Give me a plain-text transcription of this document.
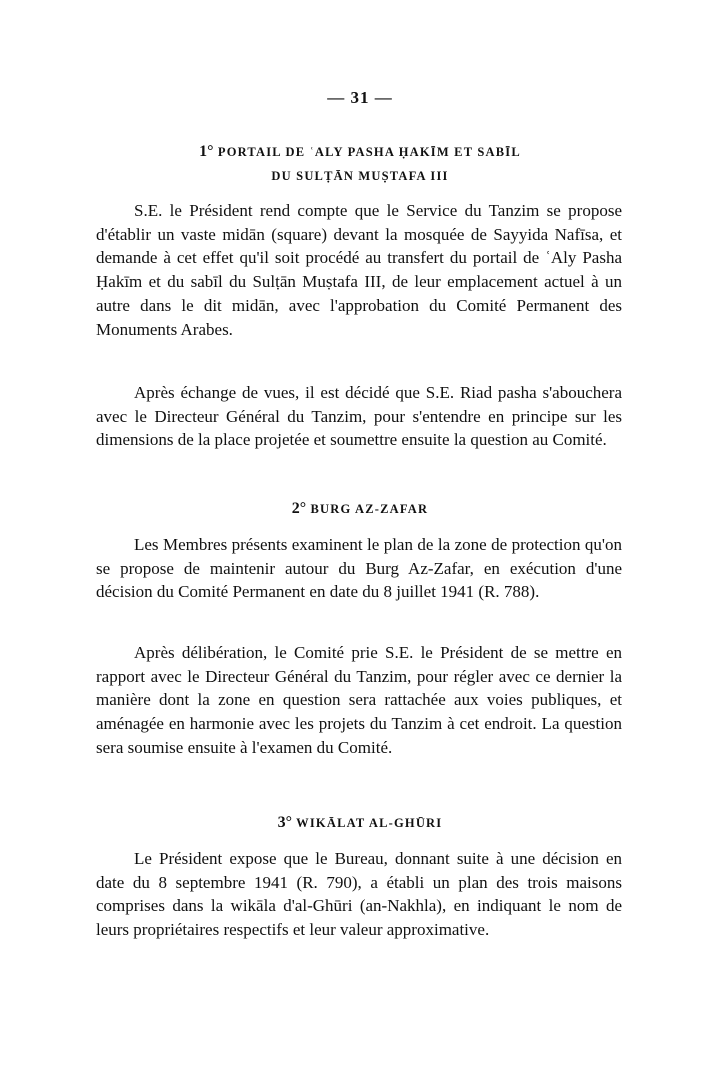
— 31 —
1° PORTAIL DE ʿALY PASHA ḤAKĪM ET SABĪL
DU SULṬĀN MUṢTAFA III

S.E. le Président rend compte que le Service du Tanzim se propose d'établir un vaste midān (square) devant la mosquée de Sayyida Nafīsa, et demande à cet effet qu'il soit procédé au transfert du portail de ʿAly Pasha Ḥakīm et du sabīl du Sulṭān Muṣtafa III, de leur emplacement actuel à un autre dans le dit midān, avec l'approbation du Comité Permanent des Monuments Arabes.

Après échange de vues, il est décidé que S.E. Riad pasha s'abouchera avec le Directeur Général du Tanzim, pour s'entendre en principe sur les dimensions de la place projetée et soumettre ensuite la question au Comité.

2° BURG AZ-ZAFAR

Les Membres présents examinent le plan de la zone de protection qu'on se propose de maintenir autour du Burg Az-Zafar, en exécution d'une décision du Comité Permanent en date du 8 juillet 1941 (R. 788).

Après délibération, le Comité prie S.E. le Président de se mettre en rapport avec le Directeur Général du Tanzim, pour régler avec ce dernier la manière dont la zone en question sera rattachée aux voies publiques, et aménagée en harmonie avec les projets du Tanzim à cet endroit. La question sera soumise ensuite à l'examen du Comité.

3° WIKĀLAT AL-GHŪRI

Le Président expose que le Bureau, donnant suite à une décision en date du 8 septembre 1941 (R. 790), a établi un plan des trois maisons comprises dans la wikāla d'al-Ghūri (an-Nakhla), en indiquant le nom de leurs propriétaires respectifs et leur valeur approximative.
